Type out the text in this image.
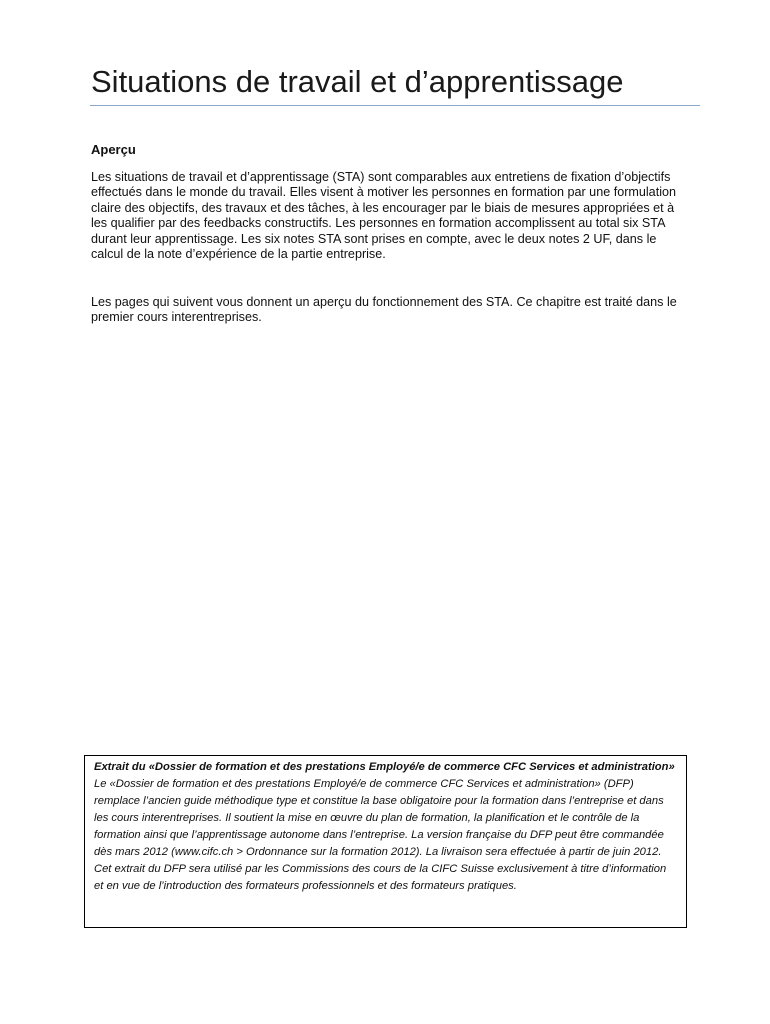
Situations de travail et d’apprentissage
Aperçu

Les situations de travail et d’apprentissage (STA) sont comparables aux entretiens de fixation d’objectifs effectués dans le monde du travail. Elles visent à motiver les personnes en formation par une formulation claire des objectifs, des travaux et des tâches, à les encourager par le biais de mesures appropriées et à les qualifier par des feedbacks constructifs. Les personnes en formation accomplissent au total six STA durant leur apprentissage. Les six notes STA sont prises en compte, avec le deux notes 2 UF, dans le calcul de la note d’expérience de la partie entreprise.

Les pages qui suivent vous donnent un aperçu du fonctionnement des STA. Ce chapitre est traité dans le premier cours interentreprises.

Extrait du «Dossier de formation et des prestations Employé/e de commerce CFC Services et administration»

Le «Dossier de formation et des prestations Employé/e de commerce CFC Services et administration» (DFP) remplace l’ancien guide méthodique type et constitue la base obligatoire pour la formation dans l’entreprise et dans les cours interentreprises. Il soutient la mise en œuvre du plan de formation, la planification et le contrôle de la formation ainsi que l’apprentissage autonome dans l’entreprise. La version française du DFP peut être commandée dès mars 2012 (www.cifc.ch > Ordonnance sur la formation 2012). La livraison sera effectuée à partir de juin 2012. Cet extrait du DFP sera utilisé par les Commissions des cours de la CIFC Suisse exclusivement à titre d’information et en vue de l’introduction des formateurs professionnels et des formateurs pratiques.
